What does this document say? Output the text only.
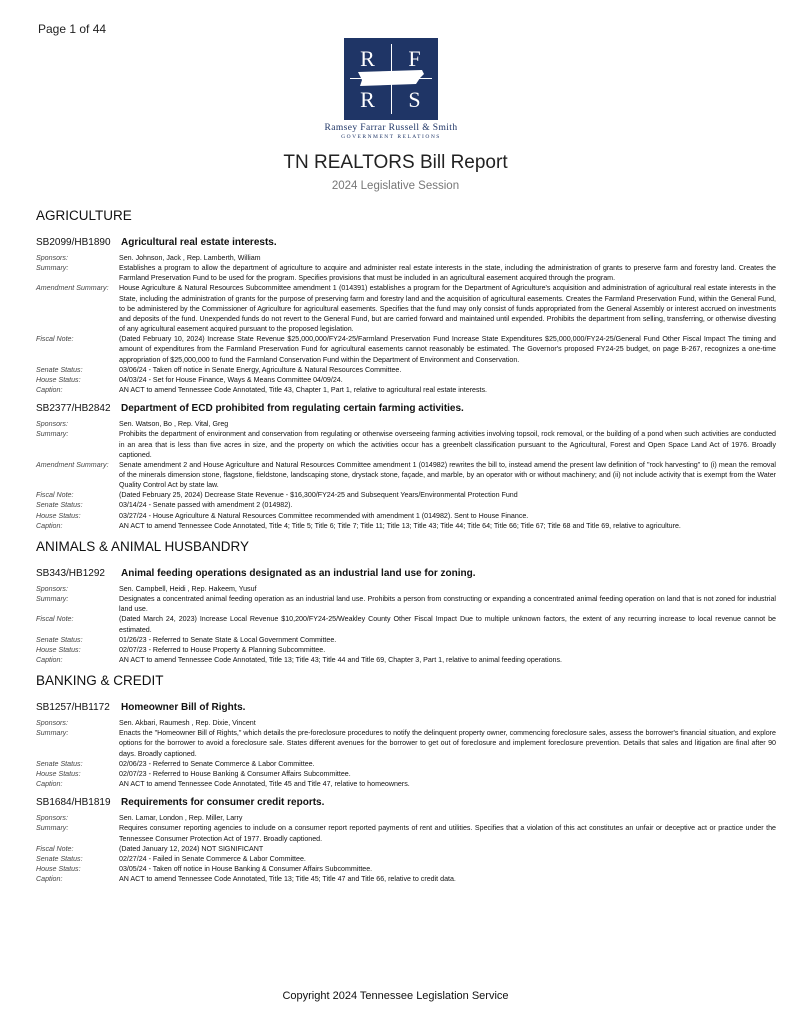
Page 1 of 44
R	F
R	S
Ramsey Farrar Russell & Smith
GOVERNMENT RELATIONS
TN REALTORS Bill Report
2024 Legislative Session
AGRICULTURE
SB2099/HB1890 Agricultural real estate interests.
Sponsors:	Sen. Johnson, Jack , Rep. Lamberth, William
Summary:	Establishes a program to allow the department of agriculture to acquire and administer real estate interests in the state, including the administration of grants to preserve farm and forestry land. Creates the Farmland Preservation Fund to be used for the program. Specifies provisions that must be included in an agricultural easement acquired through the program.
Amendment Summary:	House Agriculture & Natural Resources Subcommittee amendment 1 (014391) establishes a program for the Department of Agriculture's acquisition and administration of agricultural real estate interests in the State, including the administration of grants for the purpose of preserving farm and forestry land and the acquisition of agricultural easements. Creates the Farmland Preservation Fund, within the General Fund, to be administered by the Commissioner of Agriculture for agricultural easements. Specifies that the fund may only consist of funds appropriated from the General Assembly or interest accrued on investments and deposits of the fund. Unexpended funds do not revert to the General Fund, but are carried forward and maintained until expended. Prohibits the department from selling, transferring, or otherwise divesting of any agricultural easement acquired pursuant to the proposed legislation.
Fiscal Note:	(Dated February 10, 2024) Increase State Revenue $25,000,000/FY24-25/Farmland Preservation Fund Increase State Expenditures $25,000,000/FY24-25/General Fund Other Fiscal Impact The timing and amount of expenditures from the Farmland Preservation Fund for agricultural easements cannot reasonably be estimated. The Governor's proposed FY24-25 budget, on page B-267, recognizes a one-time appropriation of $25,000,000 to fund the Farmland Conservation Fund within the Department of Environment and Conservation.
Senate Status:	03/06/24 - Taken off notice in Senate Energy, Agriculture & Natural Resources Committee.
House Status:	04/03/24 - Set for House Finance, Ways & Means Committee 04/09/24.
Caption:	AN ACT to amend Tennessee Code Annotated, Title 43, Chapter 1, Part 1, relative to agricultural real estate interests.
SB2377/HB2842 Department of ECD prohibited from regulating certain farming activities.
Sponsors:	Sen. Watson, Bo , Rep. Vital, Greg
Summary:	Prohibits the department of environment and conservation from regulating or otherwise overseeing farming activities involving topsoil, rock removal, or the building of a pond when such activities are conducted in an area that is less than five acres in size, and the property on which the activities occur has a greenbelt classification pursuant to the Agricultural, Forest and Open Space Land Act of 1976. Broadly captioned.
Amendment Summary:	Senate amendment 2 and House Agriculture and Natural Resources Committee amendment 1 (014982) rewrites the bill to, instead amend the present law definition of "rock harvesting" to (i) mean the removal of the minerals dimension stone, flagstone, fieldstone, landscaping stone, drystack stone, façade, and marble, by an operator with or without machinery; and (ii) not include activity that is exempt from the Water Quality Control Act by state law.
Fiscal Note:	(Dated February 25, 2024) Decrease State Revenue - $16,300/FY24-25 and Subsequent Years/Environmental Protection Fund
Senate Status:	03/14/24 - Senate passed with amendment 2 (014982).
House Status:	03/27/24 - House Agriculture & Natural Resources Committee recommended with amendment 1 (014982). Sent to House Finance.
Caption:	AN ACT to amend Tennessee Code Annotated, Title 4; Title 5; Title 6; Title 7; Title 11; Title 13; Title 43; Title 44; Title 64; Title 66; Title 67; Title 68 and Title 69, relative to agriculture.
ANIMALS & ANIMAL HUSBANDRY
SB343/HB1292 Animal feeding operations designated as an industrial land use for zoning.
Sponsors:	Sen. Campbell, Heidi , Rep. Hakeem, Yusuf
Summary:	Designates a concentrated animal feeding operation as an industrial land use. Prohibits a person from constructing or expanding a concentrated animal feeding operation on land that is not zoned for industrial land use.
Fiscal Note:	(Dated March 24, 2023) Increase Local Revenue $10,200/FY24-25/Weakley County Other Fiscal Impact Due to multiple unknown factors, the extent of any recurring increase to local revenue cannot be estimated.
Senate Status:	01/26/23 - Referred to Senate State & Local Government Committee.
House Status:	02/07/23 - Referred to House Property & Planning Subcommittee.
Caption:	AN ACT to amend Tennessee Code Annotated, Title 13; Title 43; Title 44 and Title 69, Chapter 3, Part 1, relative to animal feeding operations.
BANKING & CREDIT
SB1257/HB1172 Homeowner Bill of Rights.
Sponsors:	Sen. Akbari, Raumesh , Rep. Dixie, Vincent
Summary:	Enacts the "Homeowner Bill of Rights," which details the pre-foreclosure procedures to notify the delinquent property owner, commencing foreclosure sales, assess the borrower's financial situation, and explore options for the borrower to avoid a foreclosure sale. States different avenues for the borrower to get out of foreclosure and implement foreclosure prevention. Details that sales and litigation are final after 90 days. Broadly captioned.
Senate Status:	02/06/23 - Referred to Senate Commerce & Labor Committee.
House Status:	02/07/23 - Referred to House Banking & Consumer Affairs Subcommittee.
Caption:	AN ACT to amend Tennessee Code Annotated, Title 45 and Title 47, relative to homeowners.
SB1684/HB1819 Requirements for consumer credit reports.
Sponsors:	Sen. Lamar, London , Rep. Miller, Larry
Summary:	Requires consumer reporting agencies to include on a consumer report reported payments of rent and utilities. Specifies that a violation of this act constitutes an unfair or deceptive act or practice under the Tennessee Consumer Protection Act of 1977. Broadly captioned.
Fiscal Note:	(Dated January 12, 2024) NOT SIGNIFICANT
Senate Status:	02/27/24 - Failed in Senate Commerce & Labor Committee.
House Status:	03/05/24 - Taken off notice in House Banking & Consumer Affairs Subcommittee.
Caption:	AN ACT to amend Tennessee Code Annotated, Title 13; Title 45; Title 47 and Title 66, relative to credit data.
Copyright 2024 Tennessee Legislation Service
